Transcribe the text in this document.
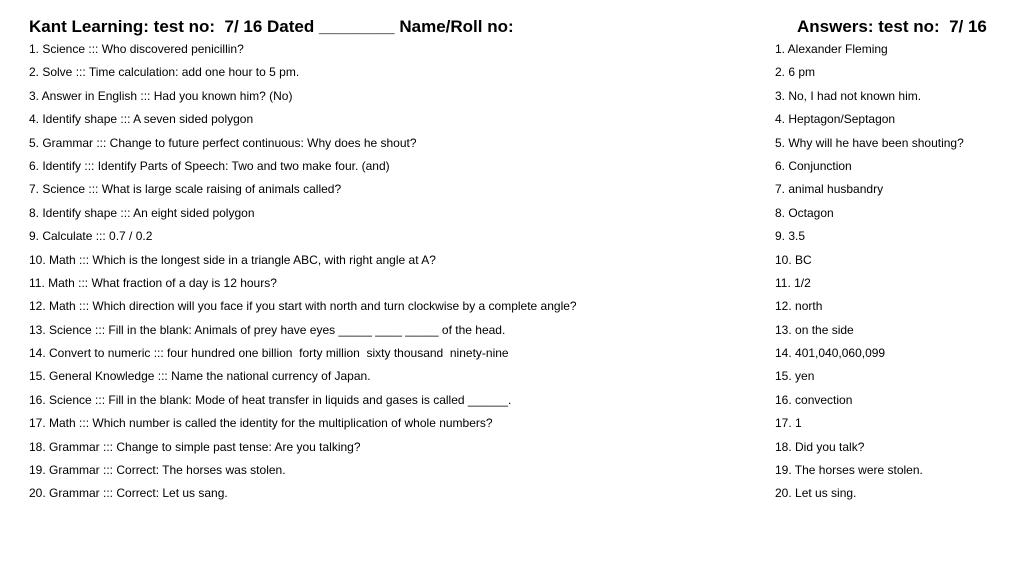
Kant Learning: test no:  7/ 16 Dated ________ Name/Roll no:	Answers: test no:  7/ 16
1. Science ::: Who discovered penicillin?
2. Solve ::: Time calculation: add one hour to 5 pm.
3. Answer in English ::: Had you known him? (No)
4. Identify shape ::: A seven sided polygon
5. Grammar ::: Change to future perfect continuous: Why does he shout?
6. Identify ::: Identify Parts of Speech: Two and two make four. (and)
7. Science ::: What is large scale raising of animals called?
8. Identify shape ::: An eight sided polygon
9. Calculate ::: 0.7 / 0.2
10. Math ::: Which is the longest side in a triangle ABC, with right angle at A?
11. Math ::: What fraction of a day is 12 hours?
12. Math ::: Which direction will you face if you start with north and turn clockwise by a complete angle?
13. Science ::: Fill in the blank: Animals of prey have eyes _____ ____ _____ of the head.
14. Convert to numeric ::: four hundred one billion  forty million  sixty thousand  ninety-nine
15. General Knowledge ::: Name the national currency of Japan.
16. Science ::: Fill in the blank: Mode of heat transfer in liquids and gases is called ______.
17. Math ::: Which number is called the identity for the multiplication of whole numbers?
18. Grammar ::: Change to simple past tense: Are you talking?
19. Grammar ::: Correct: The horses was stolen.
20. Grammar ::: Correct: Let us sang.
1. Alexander Fleming
2. 6 pm
3. No, I had not known him.
4. Heptagon/Septagon
5. Why will he have been shouting?
6. Conjunction
7. animal husbandry
8. Octagon
9. 3.5
10. BC
11. 1/2
12. north
13. on the side
14. 401,040,060,099
15. yen
16. convection
17. 1
18. Did you talk?
19. The horses were stolen.
20. Let us sing.
